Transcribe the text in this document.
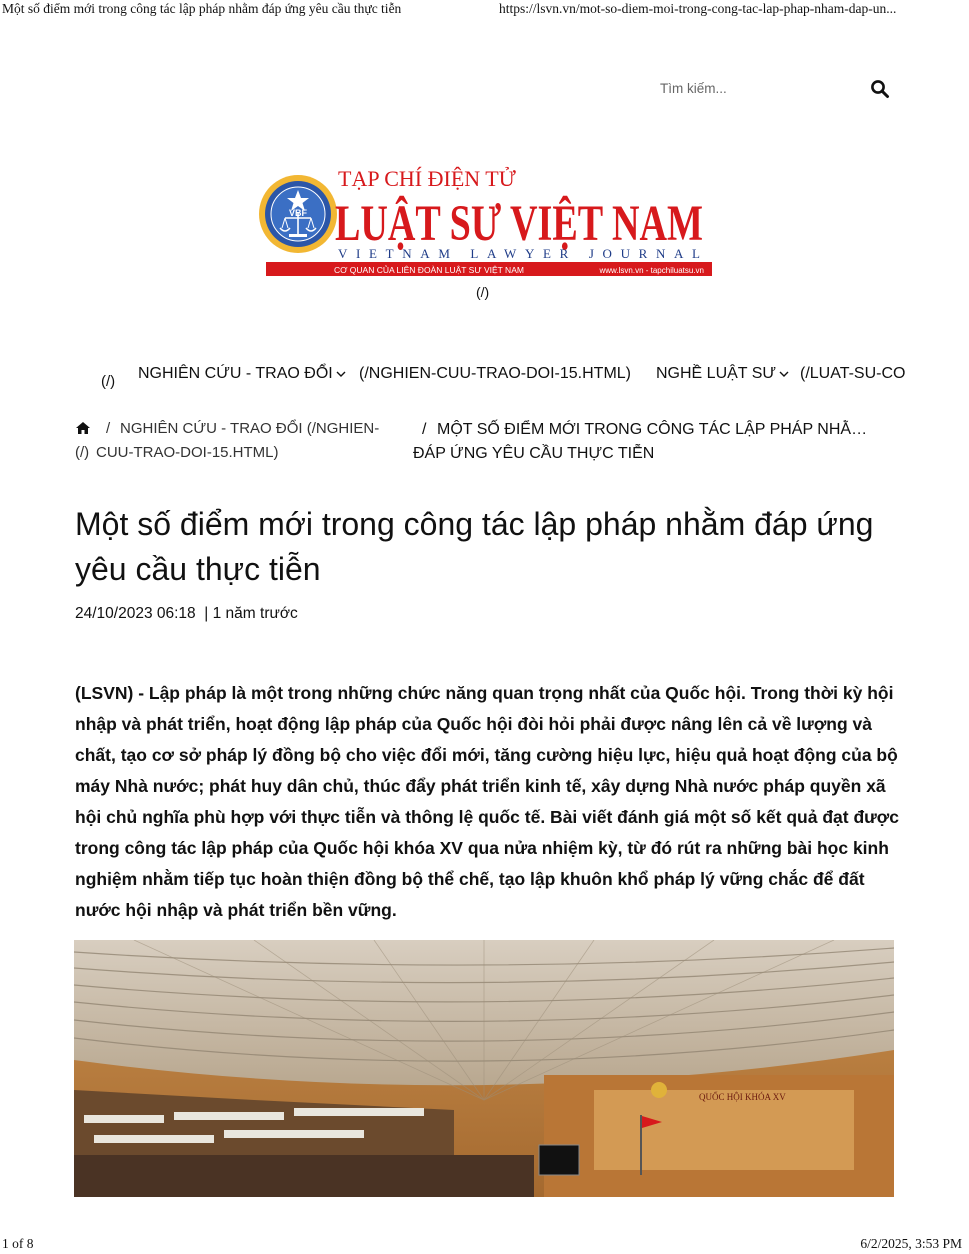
Một số điểm mới trong công tác lập pháp nhằm đáp ứng yêu cầu thực tiễn	https://lsvn.vn/mot-so-diem-moi-trong-cong-tac-lap-phap-nham-dap-un...
Tìm kiếm...
VBF
TẠP CHÍ ĐIỆN TỬ
LUẬT SƯ VIỆT NAM
VIETNAM LAWYER JOURNAL
CƠ QUAN CỦA LIÊN ĐOÀN LUẬT SƯ VIỆT NAM	www.lsvn.vn - tapchiluatsu.vn
(/)
(/) NGHIÊN CỨU - TRAO ĐỔI	(/NGHIEN-CUU-TRAO-DOI-15.HTML) NGHỀ LUẬT SƯ	(/LUAT-SU-CO
/ NGHIÊN CỨU - TRAO ĐỔI (/NGHIEN-
(/) CUU-TRAO-DOI-15.HTML)
/ MỘT SỐ ĐIỂM MỚI TRONG CÔNG TÁC LẬP PHÁP NHẰ…
ĐÁP ỨNG YÊU CẦU THỰC TIỄN
Một số điểm mới trong công tác lập pháp nhằm đáp ứng yêu cầu thực tiễn
24/10/2023 06:18 | 1 năm trước

(LSVN) - Lập pháp là một trong những chức năng quan trọng nhất của Quốc hội. Trong thời kỳ hội nhập và phát triển, hoạt động lập pháp của Quốc hội đòi hỏi phải được nâng lên cả về lượng và chất, tạo cơ sở pháp lý đồng bộ cho việc đổi mới, tăng cường hiệu lực, hiệu quả hoạt động của bộ máy Nhà nước; phát huy dân chủ, thúc đẩy phát triển kinh tế, xây dựng Nhà nước pháp quyền xã hội chủ nghĩa phù hợp với thực tiễn và thông lệ quốc tế. Bài viết đánh giá một số kết quả đạt được trong công tác lập pháp của Quốc hội khóa XV qua nửa nhiệm kỳ, từ đó rút ra những bài học kinh nghiệm nhằm tiếp tục hoàn thiện đồng bộ thể chế, tạo lập khuôn khổ pháp lý vững chắc để đất nước hội nhập và phát triển bền vững.

QUỐC HỘI KHÓA XV
1 of 8	6/2/2025, 3:53 PM
